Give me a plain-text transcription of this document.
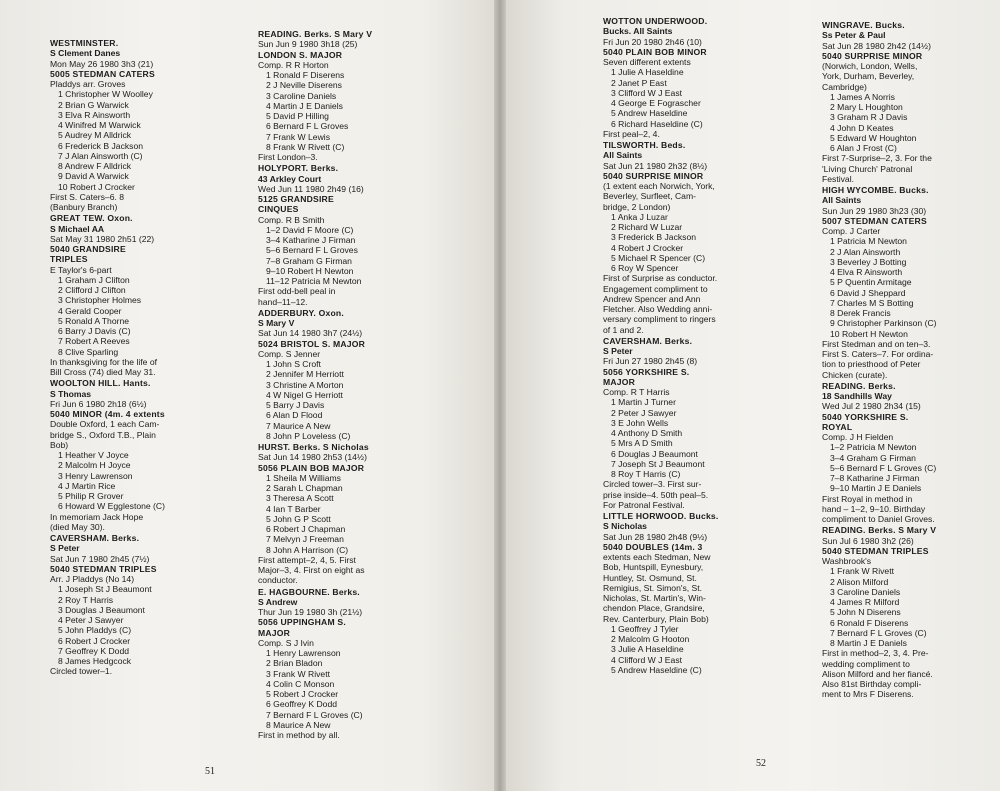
WESTMINSTER.
S Clement Danes
Mon May 26 1980 3h3 (21)
5005 STEDMAN CATERS
Pladdys arr. Groves
1 Christopher W Woolley
2 Brian G Warwick
3 Elva R Ainsworth
4 Winifred M Warwick
5 Audrey M Alldrick
6 Frederick B Jackson
7 J Alan Ainsworth (C)
8 Andrew F Alldrick
9 David A Warwick
10 Robert J Crocker
First S. Caters–6. 8
(Banbury Branch)
GREAT TEW. Oxon.
S Michael AA
Sat May 31 1980 2h51 (22)
5040 GRANDSIRE
TRIPLES
E Taylor's 6-part
1 Graham J Clifton
2 Clifford J Clifton
3 Christopher Holmes
4 Gerald Cooper
5 Ronald A Thorne
6 Barry J Davis (C)
7 Robert A Reeves
8 Clive Sparling
In thanksgiving for the life of
Bill Cross (74) died May 31.
WOOLTON HILL. Hants.
S Thomas
Fri Jun 6 1980 2h18 (6½)
5040 MINOR (4m. 4 extents
Double Oxford, 1 each Cam-
bridge S., Oxford T.B., Plain
Bob)
1 Heather V Joyce
2 Malcolm H Joyce
3 Henry Lawrenson
4 J Martin Rice
5 Philip R Grover
6 Howard W Egglestone (C)
In memoriam Jack Hope
(died May 30).
CAVERSHAM. Berks.
S Peter
Sat Jun 7 1980 2h45 (7½)
5040 STEDMAN TRIPLES
Arr. J Pladdys (No 14)
1 Joseph St J Beaumont
2 Roy T Harris
3 Douglas J Beaumont
4 Peter J Sawyer
5 John Pladdys (C)
6 Robert J Crocker
7 Geoffrey K Dodd
8 James Hedgcock
Circled tower–1.
READING. Berks. S Mary V
Sun Jun 9 1980 3h18 (25)
LONDON S. MAJOR
Comp. R R Horton
1 Ronald F Diserens
2 J Neville Diserens
3 Caroline Daniels
4 Martin J E Daniels
5 David P Hilling
6 Bernard F L Groves
7 Frank W Lewis
8 Frank W Rivett (C)
First London–3.
HOLYPORT. Berks.
43 Arkley Court
Wed Jun 11 1980 2h49 (16)
5125 GRANDSIRE
CINQUES
Comp. R B Smith
1–2 David F Moore (C)
3–4 Katharine J Firman
5–6 Bernard F L Groves
7–8 Graham G Firman
9–10 Robert H Newton
11–12 Patricia M Newton
First odd-bell peal in
hand–11–12.
ADDERBURY. Oxon.
S Mary V
Sat Jun 14 1980 3h7 (24½)
5024 BRISTOL S. MAJOR
Comp. S Jenner
1 John S Croft
2 Jennifer M Herriott
3 Christine A Morton
4 W Nigel G Herriott
5 Barry J Davis
6 Alan D Flood
7 Maurice A New
8 John P Loveless (C)
HURST. Berks. S Nicholas
Sat Jun 14 1980 2h53 (14½)
5056 PLAIN BOB MAJOR
1 Sheila M Williams
2 Sarah L Chapman
3 Theresa A Scott
4 Ian T Barber
5 John G P Scott
6 Robert J Chapman
7 Melvyn J Freeman
8 John A Harrison (C)
First attempt–2, 4, 5. First
Major–3, 4. First on eight as
conductor.
E. HAGBOURNE. Berks.
S Andrew
Thur Jun 19 1980 3h (21½)
5056 UPPINGHAM S.
MAJOR
Comp. S J Ivin
1 Henry Lawrenson
2 Brian Bladon
3 Frank W Rivett
4 Colin C Monson
5 Robert J Crocker
6 Geoffrey K Dodd
7 Bernard F L Groves (C)
8 Maurice A New
First in method by all.
WOTTON UNDERWOOD.
Bucks. All Saints
Fri Jun 20 1980 2h46 (10)
5040 PLAIN BOB MINOR
Seven different extents
1 Julie A Haseldine
2 Janet P East
3 Clifford W J East
4 George E Fograscher
5 Andrew Haseldine
6 Richard Haseldine (C)
First peal–2, 4.
TILSWORTH. Beds.
All Saints
Sat Jun 21 1980 2h32 (8½)
5040 SURPRISE MINOR
(1 extent each Norwich, York,
Beverley, Surfleet, Cam-
bridge, 2 London)
1 Anka J Luzar
2 Richard W Luzar
3 Frederick B Jackson
4 Robert J Crocker
5 Michael R Spencer (C)
6 Roy W Spencer
First of Surprise as conductor.
Engagement compliment to
Andrew Spencer and Ann
Fletcher. Also Wedding anni-
versary compliment to ringers
of 1 and 2.
CAVERSHAM. Berks.
S Peter
Fri Jun 27 1980 2h45 (8)
5056 YORKSHIRE S.
MAJOR
Comp. R T Harris
1 Martin J Turner
2 Peter J Sawyer
3 E John Wells
4 Anthony D Smith
5 Mrs A D Smith
6 Douglas J Beaumont
7 Joseph St J Beaumont
8 Roy T Harris (C)
Circled tower–3. First sur-
prise inside–4. 50th peal–5.
For Patronal Festival.
LITTLE HORWOOD. Bucks.
S Nicholas
Sat Jun 28 1980 2h48 (9½)
5040 DOUBLES (14m. 3
extents each Stedman, New
Bob, Huntspill, Eynesbury,
Huntley, St. Osmund, St.
Remigius, St. Simon's, St.
Nicholas, St. Martin's, Win-
chendon Place, Grandsire,
Rev. Canterbury, Plain Bob)
1 Geoffrey J Tyler
2 Malcolm G Hooton
3 Julie A Haseldine
4 Clifford W J East
5 Andrew Haseldine (C)
WINGRAVE. Bucks.
Ss Peter & Paul
Sat Jun 28 1980 2h42 (14½)
5040 SURPRISE MINOR
(Norwich, London, Wells,
York, Durham, Beverley,
Cambridge)
1 James A Norris
2 Mary L Houghton
3 Graham R J Davis
4 John D Keates
5 Edward W Houghton
6 Alan J Frost (C)
First 7-Surprise–2, 3. For the
'Living Church' Patronal
Festival.
HIGH WYCOMBE. Bucks.
All Saints
Sun Jun 29 1980 3h23 (30)
5007 STEDMAN CATERS
Comp. J Carter
1 Patricia M Newton
2 J Alan Ainsworth
3 Beverley J Botting
4 Elva R Ainsworth
5 P Quentin Armitage
6 David J Sheppard
7 Charles M S Botting
8 Derek Francis
9 Christopher Parkinson (C)
10 Robert H Newton
First Stedman and on ten–3.
First S. Caters–7. For ordina-
tion to priesthood of Peter
Chicken (curate).
READING. Berks.
18 Sandhills Way
Wed Jul 2 1980 2h34 (15)
5040 YORKSHIRE S.
ROYAL
Comp. J H Fielden
1–2 Patricia M Newton
3–4 Graham G Firman
5–6 Bernard F L Groves (C)
7–8 Katharine J Firman
9–10 Martin J E Daniels
First Royal in method in
hand – 1–2, 9–10. Birthday
compliment to Daniel Groves.
READING. Berks. S Mary V
Sun Jul 6 1980 3h2 (26)
5040 STEDMAN TRIPLES
Washbrook's
1 Frank W Rivett
2 Alison Milford
3 Caroline Daniels
4 James R Milford
5 John N Diserens
6 Ronald F Diserens
7 Bernard F L Groves (C)
8 Martin J E Daniels
First in method–2, 3, 4. Pre-
wedding compliment to
Alison Milford and her fiancé.
Also 81st Birthday compli-
ment to Mrs F Diserens.
51
52
